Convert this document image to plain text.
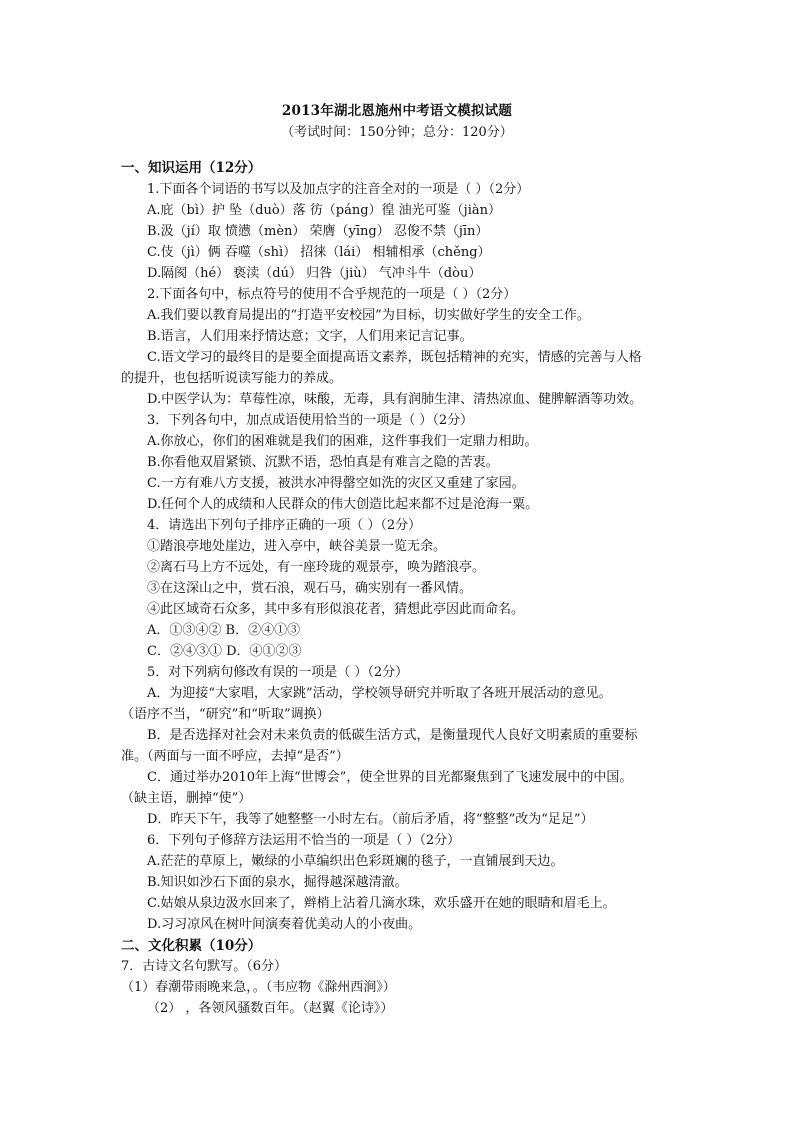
2013年湖北恩施州中考语文模拟试题
（考试时间：150分钟；总分：120分）
一、知识运用（12分）
1.下面各个词语的书写以及加点字的注音全对的一项是（ ）（2分）
A.庇（bì）护 坠（duò）落 彷（páng）徨 油光可鉴（jiàn）
B.汲（jí）取 愤懑（mèn） 荣膺（yīng） 忍俊不禁（jīn）
C.伎（jì）俩 吞噬（shì） 招徕（lái） 相辅相承（chěng）
D.隔阂（hé） 亵渎（dú） 归咎（jiù） 气冲斗牛（dòu）
2.下面各句中，标点符号的使用不合乎规范的一项是（ ）（2分）
A.我们要以教育局提出的“打造平安校园”为目标，切实做好学生的安全工作。
B.语言，人们用来抒情达意；文字，人们用来记言记事。
C.语文学习的最终目的是要全面提高语文素养，既包括精神的充实，情感的完善与人格
的提升，也包括听说读写能力的养成。
D.中医学认为：草莓性凉，味酸，无毒，具有润肺生津、清热凉血、健脾解酒等功效。
3．下列各句中，加点成语使用恰当的一项是（ ）（2分）
A.你放心，你们的困难就是我们的困难，这件事我们一定鼎力相助。
B.你看他双眉紧锁、沉默不语，恐怕真是有难言之隐的苦衷。
C.一方有难八方支援，被洪水冲得罄空如洗的灾区又重建了家园。
D.任何个人的成绩和人民群众的伟大创造比起来都不过是沧海一粟。
4．请选出下列句子排序正确的一项（ ）（2分）
①踏浪亭地处崖边，进入亭中，峡谷美景一览无余。
②离石马上方不远处，有一座玲珑的观景亭，唤为踏浪亭。
③在这深山之中，赏石浪，观石马，确实别有一番风情。
④此区域奇石众多，其中多有形似浪花者，猜想此亭因此而命名。
A．①③④② B．②④①③
C．②④③① D．④①②③
5．对下列病句修改有误的一项是（ ）（2分）
A．为迎接“大家唱，大家跳”活动，学校领导研究并听取了各班开展活动的意见。
（语序不当，“研究”和“听取”调换）
B．是否选择对社会对未来负责的低碳生活方式，是衡量现代人良好文明素质的重要标
准。（两面与一面不呼应，去掉“是否”）
C．通过举办2010年上海“世博会”，使全世界的目光都聚焦到了飞速发展中的中国。
（缺主语，删掉“使”）
D．昨天下午，我等了她整整一小时左右。（前后矛盾，将“整整”改为“足足”）
6．下列句子修辞方法运用不恰当的一项是（ ）（2分）
A.茫茫的草原上，嫩绿的小草编织出色彩斑斓的毯子，一直铺展到天边。
B.知识如沙石下面的泉水，掘得越深越清澈。
C.姑娘从泉边汲水回来了，辫梢上沾着几滴水珠，欢乐盛开在她的眼睛和眉毛上。
D.习习凉风在树叶间演奏着优美动人的小夜曲。
二、文化积累（10分）
7．古诗文名句默写。（6分）
（1）春潮带雨晚来急，。（韦应物《滁州西涧》）
（2） ，各领风骚数百年。（赵翼《论诗》）
